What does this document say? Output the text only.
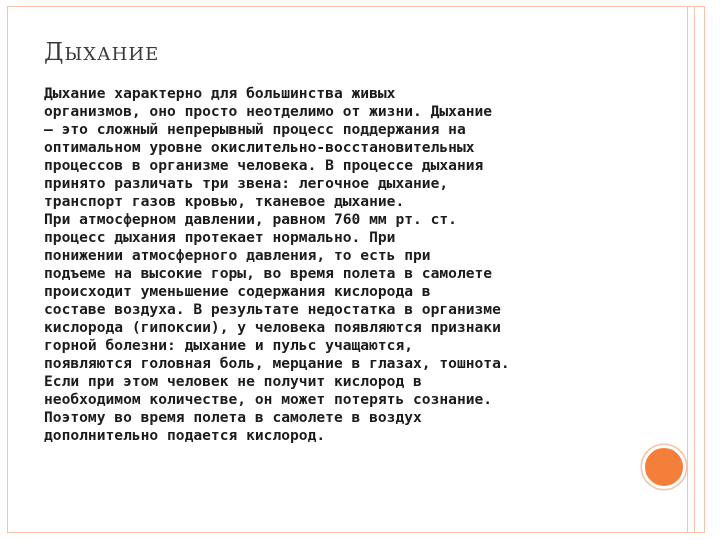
ДЫХАНИЕ
Дыхание характерно для большинства живых
организмов, оно просто неотделимо от жизни. Дыхание
— это сложный непрерывный процесс поддержания на
оптимальном уровне окислительно-восстановительных
процессов в организме человека. В процессе дыхания
принято различать три звена: легочное дыхание,
транспорт газов кровью, тканевое дыхание.
При атмосферном давлении, равном 760 мм рт. ст.
процесс дыхания протекает нормально. При
понижении атмосферного давления, то есть при
подъеме на высокие горы, во время полета в самолете
происходит уменьшение содержания кислорода в
составе воздуха. В результате недостатка в организме
кислорода (гипоксии), у человека появляются признаки
горной болезни: дыхание и пульс учащаются,
появляются головная боль, мерцание в глазах, тошнота.
Если при этом человек не получит кислород в
необходимом количестве, он может потерять сознание.
Поэтому во время полета в самолете в воздух
дополнительно подается кислород.
